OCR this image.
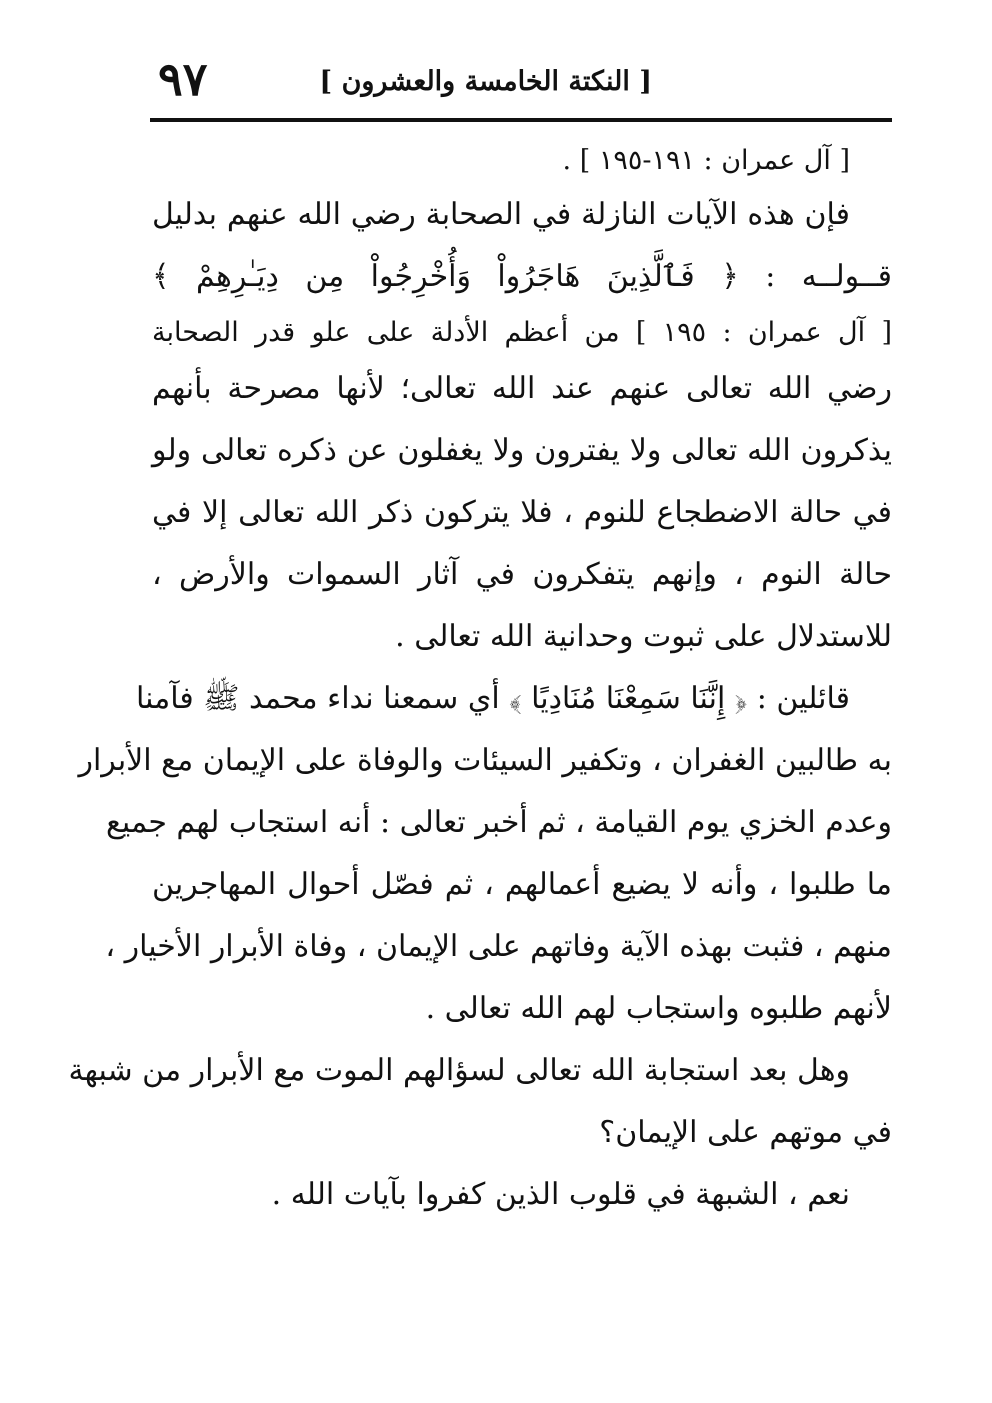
[ النكتة الخامسة والعشرون ]
٩٧
[ آل عمران : ١٩١-١٩٥ ] .
فإن هذه الآيات النازلة في الصحابة رضي الله عنهم بدليل
قــولــه : ﴿ فَٱلَّذِينَ هَاجَرُواْ وَأُخْرِجُواْ مِن دِيَـٰرِهِمْ ﴾
[ آل عمران : ١٩٥ ] من أعظم الأدلة على علو قدر الصحابة
رضي الله تعالى عنهم عند الله تعالى؛ لأنها مصرحة بأنهم
يذكرون الله تعالى ولا يفترون ولا يغفلون عن ذكره تعالى ولو
في حالة الاضطجاع للنوم ، فلا يتركون ذكر الله تعالى إلا في
حالة النوم ، وإنهم يتفكرون في آثار السموات والأرض ،
للاستدلال على ثبوت وحدانية الله تعالى .
قائلين : ﴿ إِنَّنَا سَمِعْنَا مُنَادِيًا ﴾ أي سمعنا نداء محمد ﷺ فآمنا
به طالبين الغفران ، وتكفير السيئات والوفاة على الإيمان مع الأبرار
وعدم الخزي يوم القيامة ، ثم أخبر تعالى : أنه استجاب لهم جميع
ما طلبوا ، وأنه لا يضيع أعمالهم ، ثم فصّل أحوال المهاجرين
منهم ، فثبت بهذه الآية وفاتهم على الإيمان ، وفاة الأبرار الأخيار ،
لأنهم طلبوه واستجاب لهم الله تعالى .
وهل بعد استجابة الله تعالى لسؤالهم الموت مع الأبرار من شبهة
في موتهم على الإيمان؟
نعم ، الشبهة في قلوب الذين كفروا بآيات الله .
